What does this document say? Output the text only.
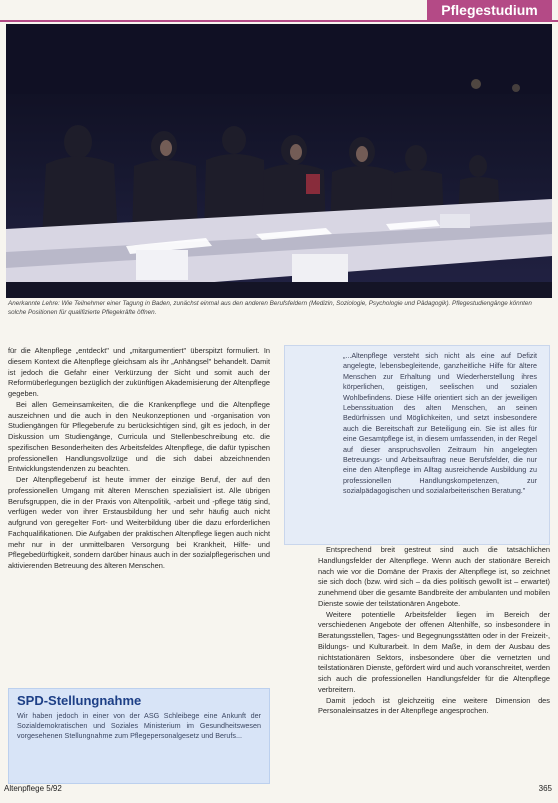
Pflegestudium
Anerkannte Lehre: Wie Teilnehmer einer Tagung in Baden, zunächst einmal aus den anderen Berufsfeldern (Medizin, Soziologie, Psychologie und Pädagogik). Pflegestudiengänge könnten solche Positionen für qualifizierte Pflegekräfte öffnen.

für die Altenpflege „entdeckt" und „mitargumentiert" überspitzt formuliert. In diesem Kontext die Altenpflege gleichsam als ihr „Anhängsel" behandelt. Damit ist jedoch die Gefahr einer Verkürzung der Sicht und somit auch der Reformüberlegungen bezüglich der zukünftigen Akademisierung der Altenpflege gegeben.

Bei allen Gemeinsamkeiten, die die Krankenpflege und die Altenpflege auszeichnen und die auch in den Neukonzeptionen und -organisation von Studiengängen für Pflegeberufe zu berücksichtigen sind, gilt es jedoch, in der Diskussion um Studiengänge, Curricula und Stellenbeschreibung etc. die spezifischen Besonderheiten des Arbeitsfeldes Altenpflege, die dafür typischen professionellen Handlungsvollzüge und die sich dabei abzeichnenden Entwicklungstendenzen zu beachten.

Der Altenpflegeberuf ist heute immer der einzige Beruf, der auf den professionellen Umgang mit älteren Menschen spezialisiert ist. Alle übrigen Berufsgruppen, die in der Praxis von Altenpolitik, -arbeit und -pflege tätig sind, verfügen weder von ihrer Erstausbildung her und sehr häufig auch nicht aufgrund von geregelter Fort- und Weiterbildung über die dazu erforderlichen Fachqualifikationen. Die Aufgaben der praktischen Altenpflege liegen auch nicht mehr nur in der unmittelbaren Versorgung bei Krankheit, Hilfe- und Pflegebedürftigkeit, sondern darüber hinaus auch in der sozialpflegerischen und aktivierenden Betreuung des älteren Menschen.

„...Altenpflege versteht sich nicht als eine auf Defizit angelegte, lebensbegleitende, ganzheitliche Hilfe für ältere Menschen zur Erhaltung und Wiederherstellung ihres körperlichen, geistigen, seelischen und sozialen Wohlbefindens. Diese Hilfe orientiert sich an der jeweiligen Lebenssituation des alten Menschen, an seinen Bedürfnissen und Möglichkeiten, und setzt insbesondere auch die Bereitschaft zur Beteiligung ein. Sie ist alles für eine Gesamtpflege ist, in diesem umfassenden, in der Regel auf dieser anspruchsvollen Zeitraum hin angelegten Betreuungs- und Arbeitsauftrag neue Berufsfelder, die nur eine den Altenpflege im Alltag ausreichende Ausbildung zu professionellen Handlungskompetenzen, zur sozialpädagogischen und sozialarbeiterischen Beratung."

Entsprechend breit gestreut sind auch die tatsächlichen Handlungsfelder der Altenpflege. Wenn auch der stationäre Bereich nach wie vor die Domäne der Praxis der Altenpflege ist, so zeichnet sie sich doch (bzw. wird sich – da dies politisch gewollt ist – erwartet) zunehmend über die gesamte Bandbreite der ambulanten und mobilen Dienste sowie der teilstationären Angebote.

Weitere potentielle Arbeitsfelder liegen im Bereich der verschiedenen Angebote der offenen Altenhilfe, so insbesondere in Beratungsstellen, Tages- und Begegnungsstätten oder in der Freizeit-, Bildungs- und Kulturarbeit. In dem Maße, in dem der Ausbau des nichtstationären Sektors, insbesondere über die vernetzten und teilstationären Dienste, gefördert wird und auch voranschreitet, werden sich auch die professionellen Handlungsfelder für die Altenpflege verbreitern.

Damit jedoch ist gleichzeitig eine weitere Dimension des Personaleinsatzes in der Altenpflege angesprochen.

SPD-Stellungnahme
Wir haben jedoch in einer von der ASG Schleibege eine Ankunft der Sozialdemokratischen und Soziales Ministerium im Gesundheitswesen vorgesehenen Stellungnahme zum Pflegepersonalgesetz und Berufs...
Altenpflege 5/92	365
